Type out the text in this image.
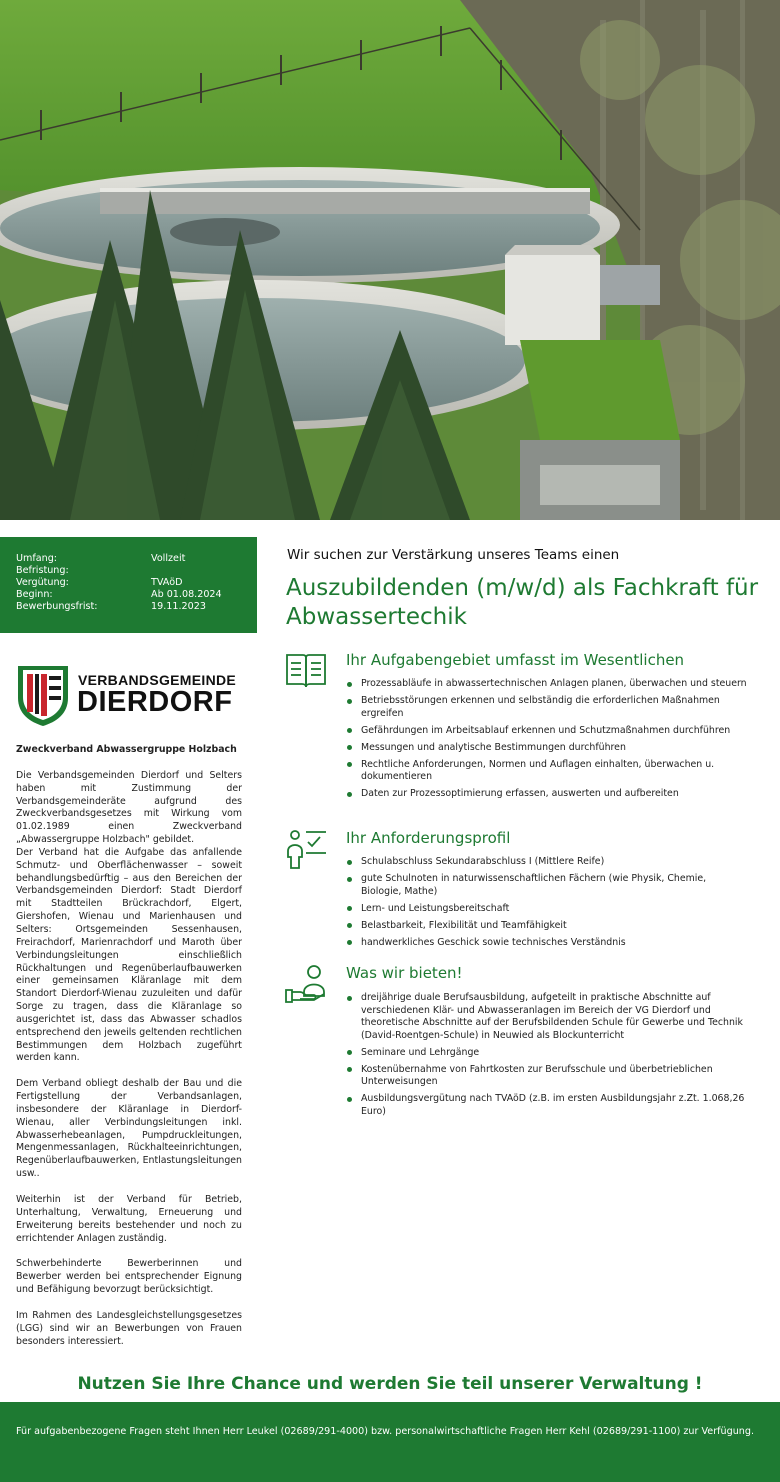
Umfang:	Vollzeit
Befristung:
Vergütung:	TVAöD
Beginn:	Ab 01.08.2024
Bewerbungsfrist:	19.11.2023
VERBANDSGEMEINDE
DIERDORF
Zweckverband Abwassergruppe Holzbach

Die Verbandsgemeinden Dierdorf und Selters haben mit Zustimmung der Verbandsgemeinderäte aufgrund des Zweckverbandsgesetzes mit Wirkung vom 01.02.1989 einen Zweckverband „Abwassergruppe Holzbach" gebildet.

Der Verband hat die Aufgabe das anfallende Schmutz- und Oberflächenwasser – soweit behandlungsbedürftig – aus den Bereichen der Verbandsgemeinden Dierdorf: Stadt Dierdorf mit Stadtteilen Brückrachdorf, Elgert, Giershofen, Wienau und Marienhausen und Selters: Ortsgemeinden Sessenhausen, Freirachdorf, Marienrachdorf und Maroth über Verbindungsleitungen einschließlich Rückhaltungen und Regenüberlaufbauwerken einer gemeinsamen Kläranlage mit dem Standort Dierdorf-Wienau zuzuleiten und dafür Sorge zu tragen, dass die Kläranlage so ausgerichtet ist, dass das Abwasser schadlos entsprechend den jeweils geltenden rechtlichen Bestimmungen dem Holzbach zugeführt werden kann.

Dem Verband obliegt deshalb der Bau und die Fertigstellung der Verbandsanlagen, insbesondere der Kläranlage in Dierdorf-Wienau, aller Verbindungsleitungen inkl. Abwasserhebeanlagen, Pumpdruckleitungen, Mengenmessanlagen, Rückhalteeinrichtungen, Regenüberlaufbauwerken, Entlastungsleitungen usw..

Weiterhin ist der Verband für Betrieb, Unterhaltung, Verwaltung, Erneuerung und Erweiterung bereits bestehender und noch zu errichtender Anlagen zuständig.

Schwerbehinderte Bewerberinnen und Bewerber werden bei entsprechender Eignung und Befähigung bevorzugt berücksichtigt.

Im Rahmen des Landesgleichstellungsgesetzes (LGG) sind wir an Bewerbungen von Frauen besonders interessiert.

Wir suchen zur Verstärkung unseres Teams einen
Auszubildenden (m/w/d) als Fachkraft für Abwassertechik
Ihr Aufgabengebiet umfasst im Wesentlichen
Prozessabläufe in abwassertechnischen Anlagen planen, überwachen und steuern
Betriebsstörungen erkennen und selbständig die erforderlichen Maßnahmen ergreifen
Gefährdungen im Arbeitsablauf erkennen und Schutzmaßnahmen durchführen
Messungen und analytische Bestimmungen durchführen
Rechtliche Anforderungen, Normen und Auflagen einhalten, überwachen u. dokumentieren
Daten zur Prozessoptimierung erfassen, auswerten und aufbereiten
Ihr Anforderungsprofil
Schulabschluss Sekundarabschluss I (Mittlere Reife)
gute Schulnoten in naturwissenschaftlichen Fächern (wie Physik, Chemie, Biologie, Mathe)
Lern- und Leistungsbereitschaft
Belastbarkeit, Flexibilität und Teamfähigkeit
handwerkliches Geschick sowie technisches Verständnis
Was wir bieten!
dreijährige duale Berufsausbildung, aufgeteilt in praktische Abschnitte auf verschiedenen Klär- und Abwasseranlagen im Bereich der VG Dierdorf und theoretische Abschnitte auf der Berufsbildenden Schule für Gewerbe und Technik (David-Roentgen-Schule) in Neuwied als Blockunterricht
Seminare und Lehrgänge
Kostenübernahme von Fahrtkosten zur Berufsschule und überbetrieblichen Unterweisungen
Ausbildungsvergütung nach TVAöD (z.B. im ersten Ausbildungsjahr z.Zt. 1.068,26 Euro)
Nutzen Sie Ihre Chance und werden Sie teil unserer Verwaltung !
Für aufgabenbezogene Fragen steht Ihnen Herr Leukel (02689/291-4000) bzw. personalwirtschaftliche Fragen Herr Kehl (02689/291-1100) zur Verfügung.
